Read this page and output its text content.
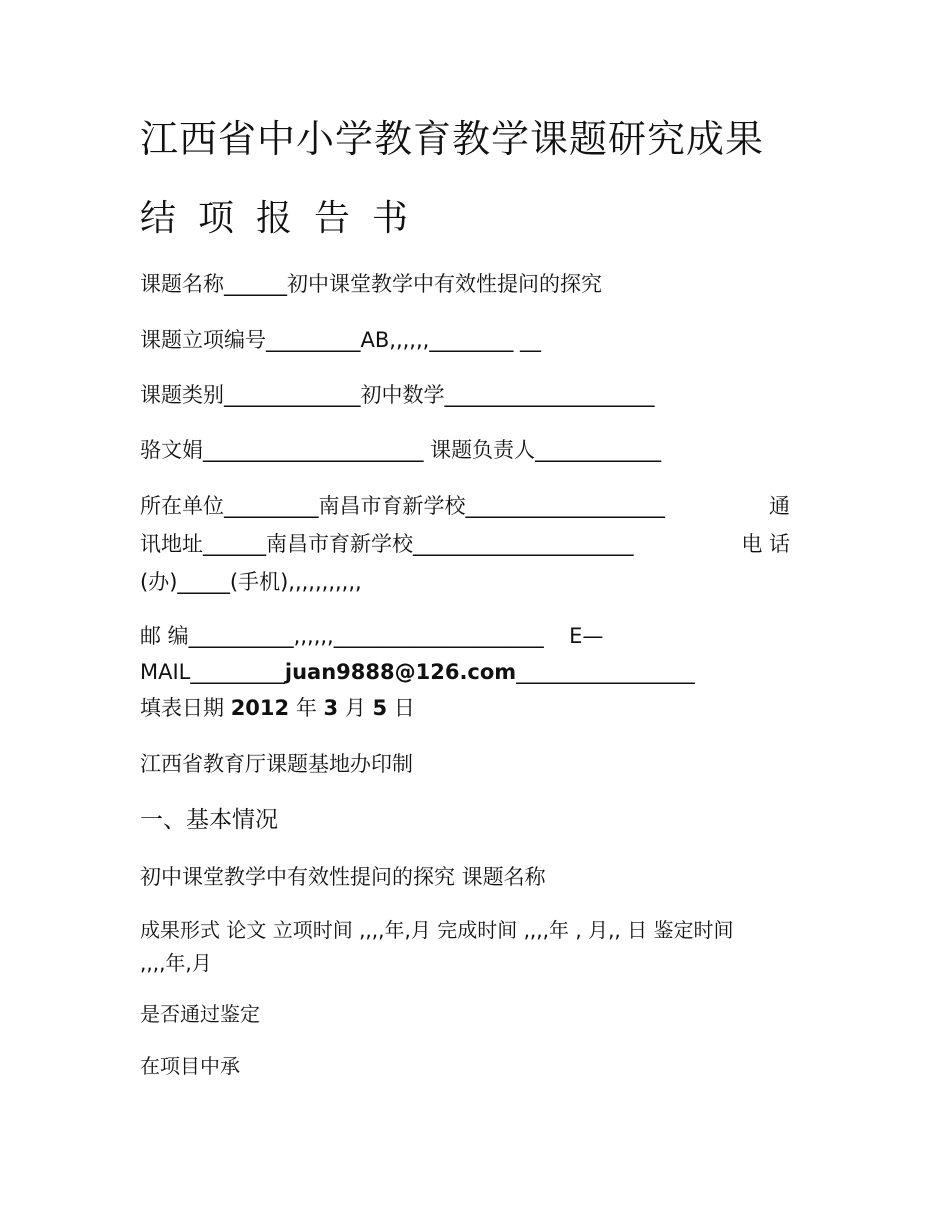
江西省中小学教育教学课题研究成果
结项报告书
课题名称______初中课堂教学中有效性提问的探究
课题立项编号_________AB,,,,,,________ __
课题类别_____________初中数学____________________
骆文娟_____________________ 课题负责人____________
所在单位_________南昌市育新学校___________________	通
讯地址______南昌市育新学校_____________________	电 话
(办)_____(手机),,,,,,,,,,,
邮 编__________,,,,,,____________________ E—
MAIL_________juan9888@126.com_________________
填表日期 2012 年 3 月 5 日
江西省教育厅课题基地办印制
一、基本情况
初中课堂教学中有效性提问的探究 课题名称
成果形式 论文 立项时间 ,,,,年,月 完成时间 ,,,,年 , 月,, 日 鉴定时间
,,,,年,月
是否通过鉴定
在项目中承
